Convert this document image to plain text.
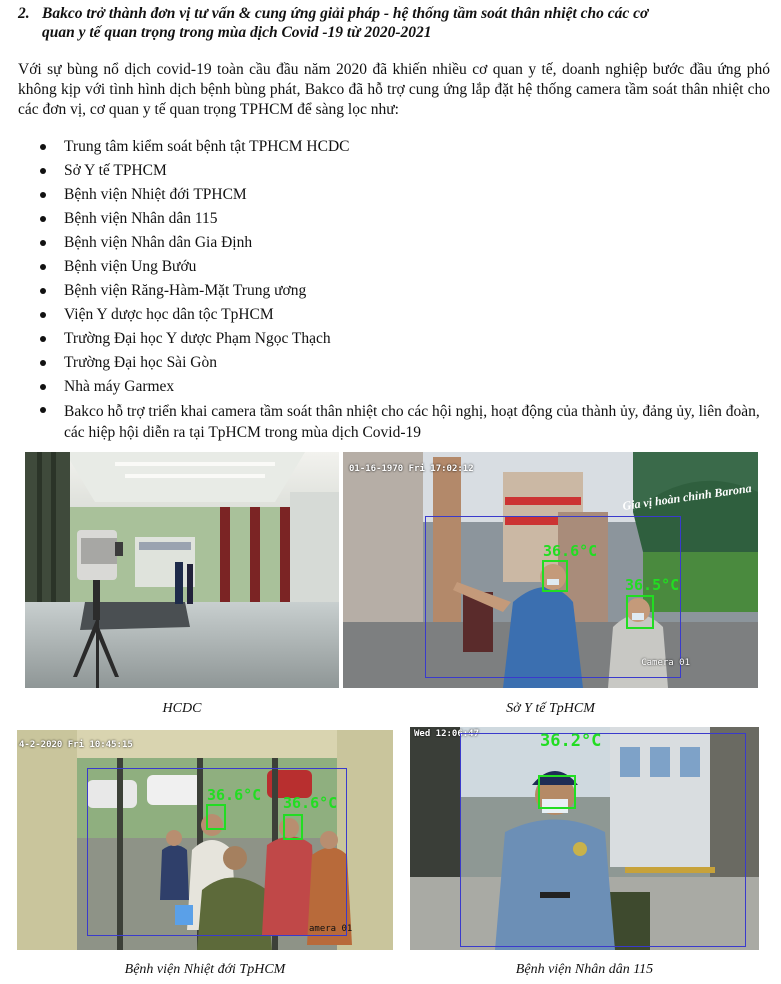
2. Bakco trở thành đơn vị tư vấn & cung ứng giải pháp - hệ thống tầm soát thân nhiệt cho các cơ
quan y tế quan trọng trong mùa dịch Covid -19 từ 2020-2021
Với sự bùng nổ dịch covid-19 toàn cầu đầu năm 2020 đã khiến nhiều cơ quan y tế, doanh nghiệp bước đầu ứng phó không kịp với tình hình dịch bệnh bùng phát, Bakco đã hỗ trợ cung ứng lắp đặt hệ thống camera tầm soát thân nhiệt cho các đơn vị, cơ quan y tế quan trọng TPHCM để sàng lọc như:
Trung tâm kiểm soát bệnh tật TPHCM HCDC
Sở Y tế TPHCM
Bệnh viện Nhiệt đới TPHCM
Bệnh viện Nhân dân 115
Bệnh viện Nhân dân Gia Định
Bệnh viện Ung Bướu
Bệnh viện Răng-Hàm-Mặt Trung ương
Viện Y dược học dân tộc TpHCM
Trường Đại học Y dược Phạm Ngọc Thạch
Trường Đại học Sài Gòn
Nhà máy Garmex
Bakco hỗ trợ triển khai camera tầm soát thân nhiệt cho các hội nghị, hoạt động của thành ủy, đảng ủy, liên đoàn, các hiệp hội diễn ra tại TpHCM trong mùa dịch Covid-19
HCDC
01-16-1970 Fri 17:02:12
Gia vị hoàn chỉnh Barona
36.6°C
36.5°C
Camera 01
Sở Y tế TpHCM
4-2-2020 Fri 10:45:15
36.6°C 36.6°C
amera 01
Bệnh viện Nhiệt đới TpHCM
Wed 12:06:47	36.2°C
Bệnh viện Nhân dân 115
